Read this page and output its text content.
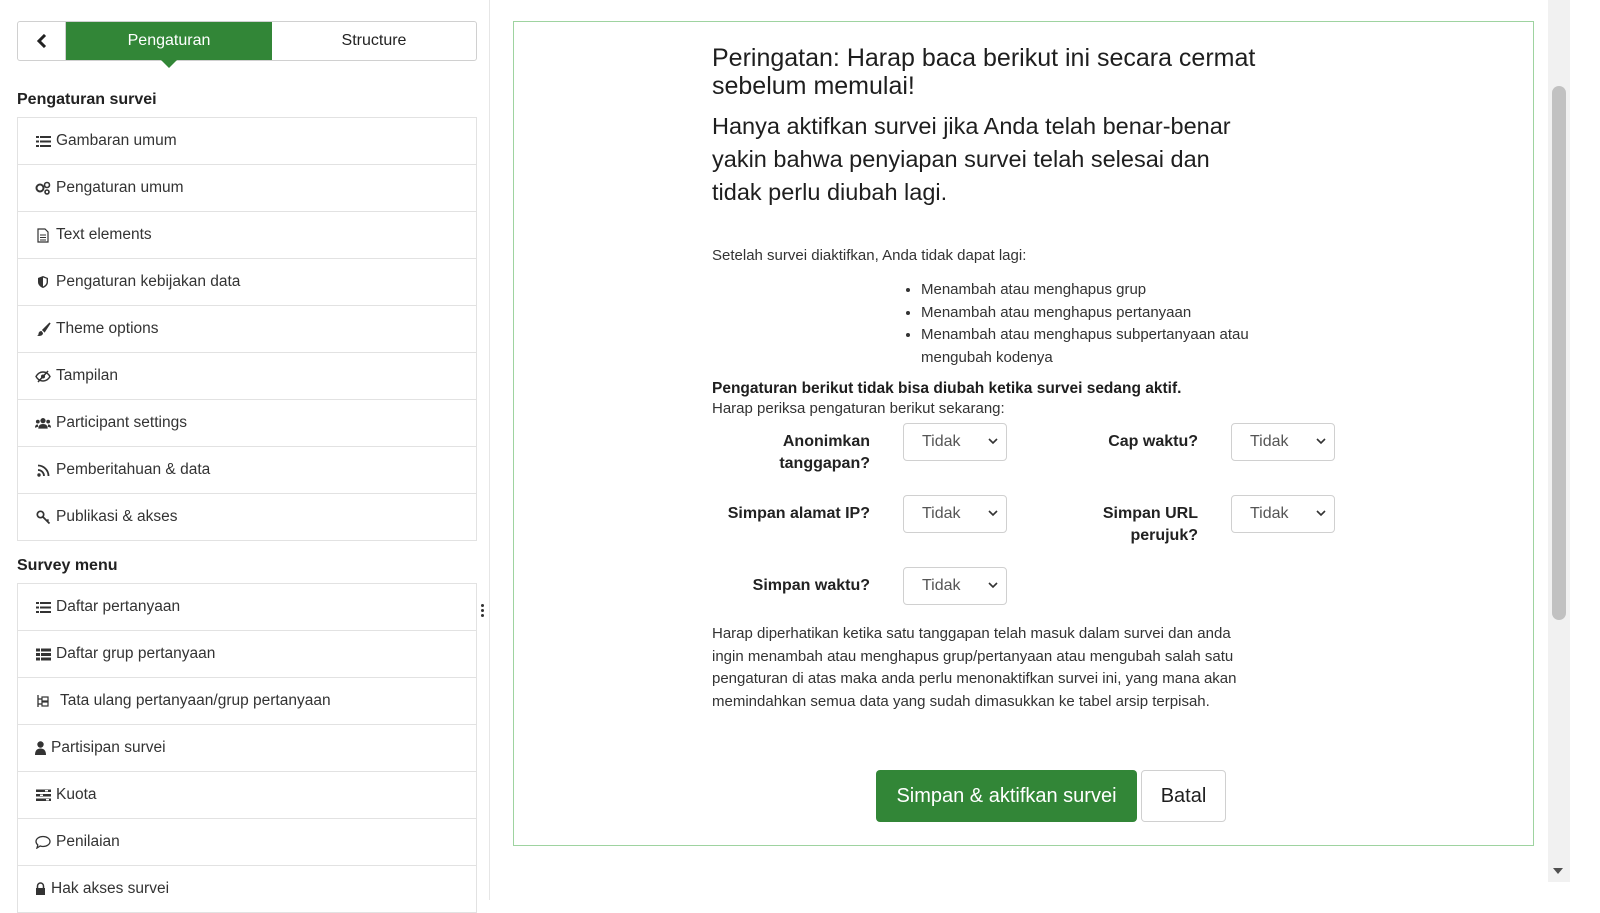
Pengaturan	Structure
Pengaturan survei
Gambaran umum
Pengaturan umum
Text elements
Pengaturan kebijakan data
Theme options
Tampilan
Participant settings
Pemberitahuan & data
Publikasi & akses
Survey menu
Daftar pertanyaan
Daftar grup pertanyaan
Tata ulang pertanyaan/grup pertanyaan
Partisipan survei
Kuota
Penilaian
Hak akses survei
Peringatan: Harap baca berikut ini secara cermat sebelum memulai!
Hanya aktifkan survei jika Anda telah benar-benar yakin bahwa penyiapan survei telah selesai dan tidak perlu diubah lagi.

Setelah survei diaktifkan, Anda tidak dapat lagi:

• Menambah atau menghapus grup
• Menambah atau menghapus pertanyaan
• Menambah atau menghapus subpertanyaan atau mengubah kodenya

Pengaturan berikut tidak bisa diubah ketika survei sedang aktif.

Harap periksa pengaturan berikut sekarang:

Anonimkan
tanggapan?
Tidak	Cap waktu?	Tidak
Simpan alamat IP?	Tidak	Simpan URL
perujuk?
Tidak
Simpan waktu?	Tidak

Harap diperhatikan ketika satu tanggapan telah masuk dalam survei dan anda ingin menambah atau menghapus grup/pertanyaan atau mengubah salah satu pengaturan di atas maka anda perlu menonaktifkan survei ini, yang mana akan memindahkan semua data yang sudah dimasukkan ke tabel arsip terpisah.

Simpan & aktifkan survei	Batal
